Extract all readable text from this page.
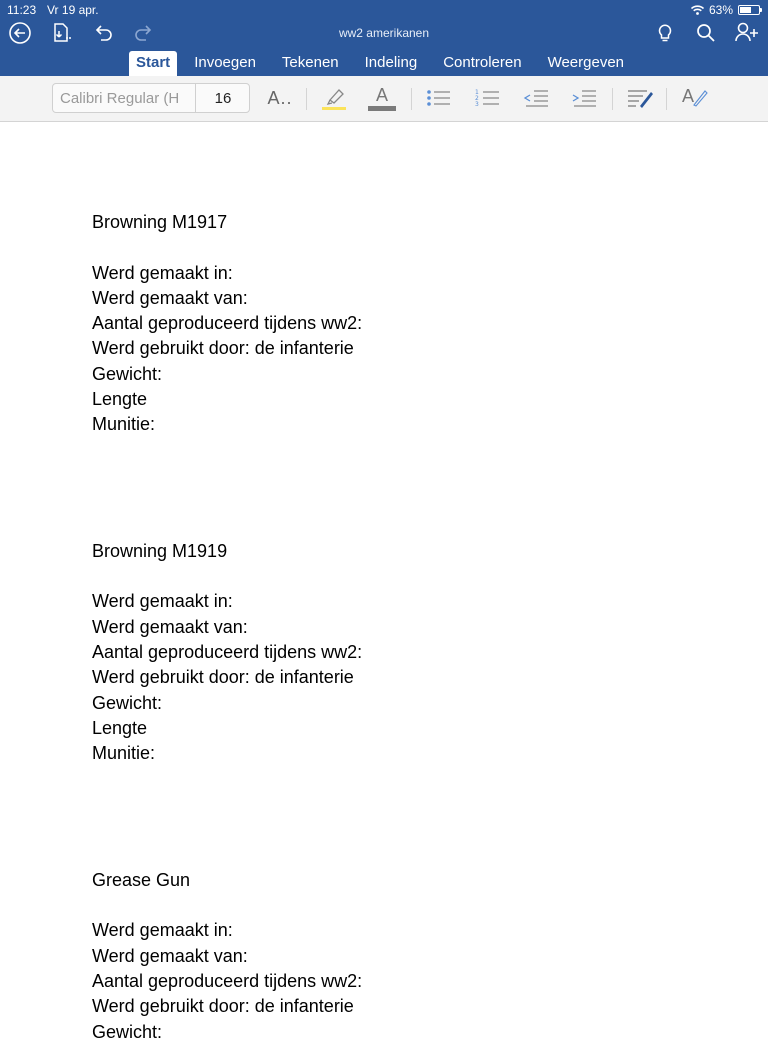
11:23 Vr 19 apr.	63%
ww2 amerikanen
Start	Invoegen	Tekenen	Indeling	Controleren	Weergeven
Calibri Regular (H	16	A..	A	1
2
3	A
Browning M1917
Werd gemaakt in:
Werd gemaakt van:
Aantal geproduceerd tijdens ww2:
Werd gebruikt door: de infanterie
Gewicht:
Lengte
Munitie:
Browning M1919
Werd gemaakt in:
Werd gemaakt van:
Aantal geproduceerd tijdens ww2:
Werd gebruikt door: de infanterie
Gewicht:
Lengte
Munitie:
Grease Gun
Werd gemaakt in:
Werd gemaakt van:
Aantal geproduceerd tijdens ww2:
Werd gebruikt door: de infanterie
Gewicht:
